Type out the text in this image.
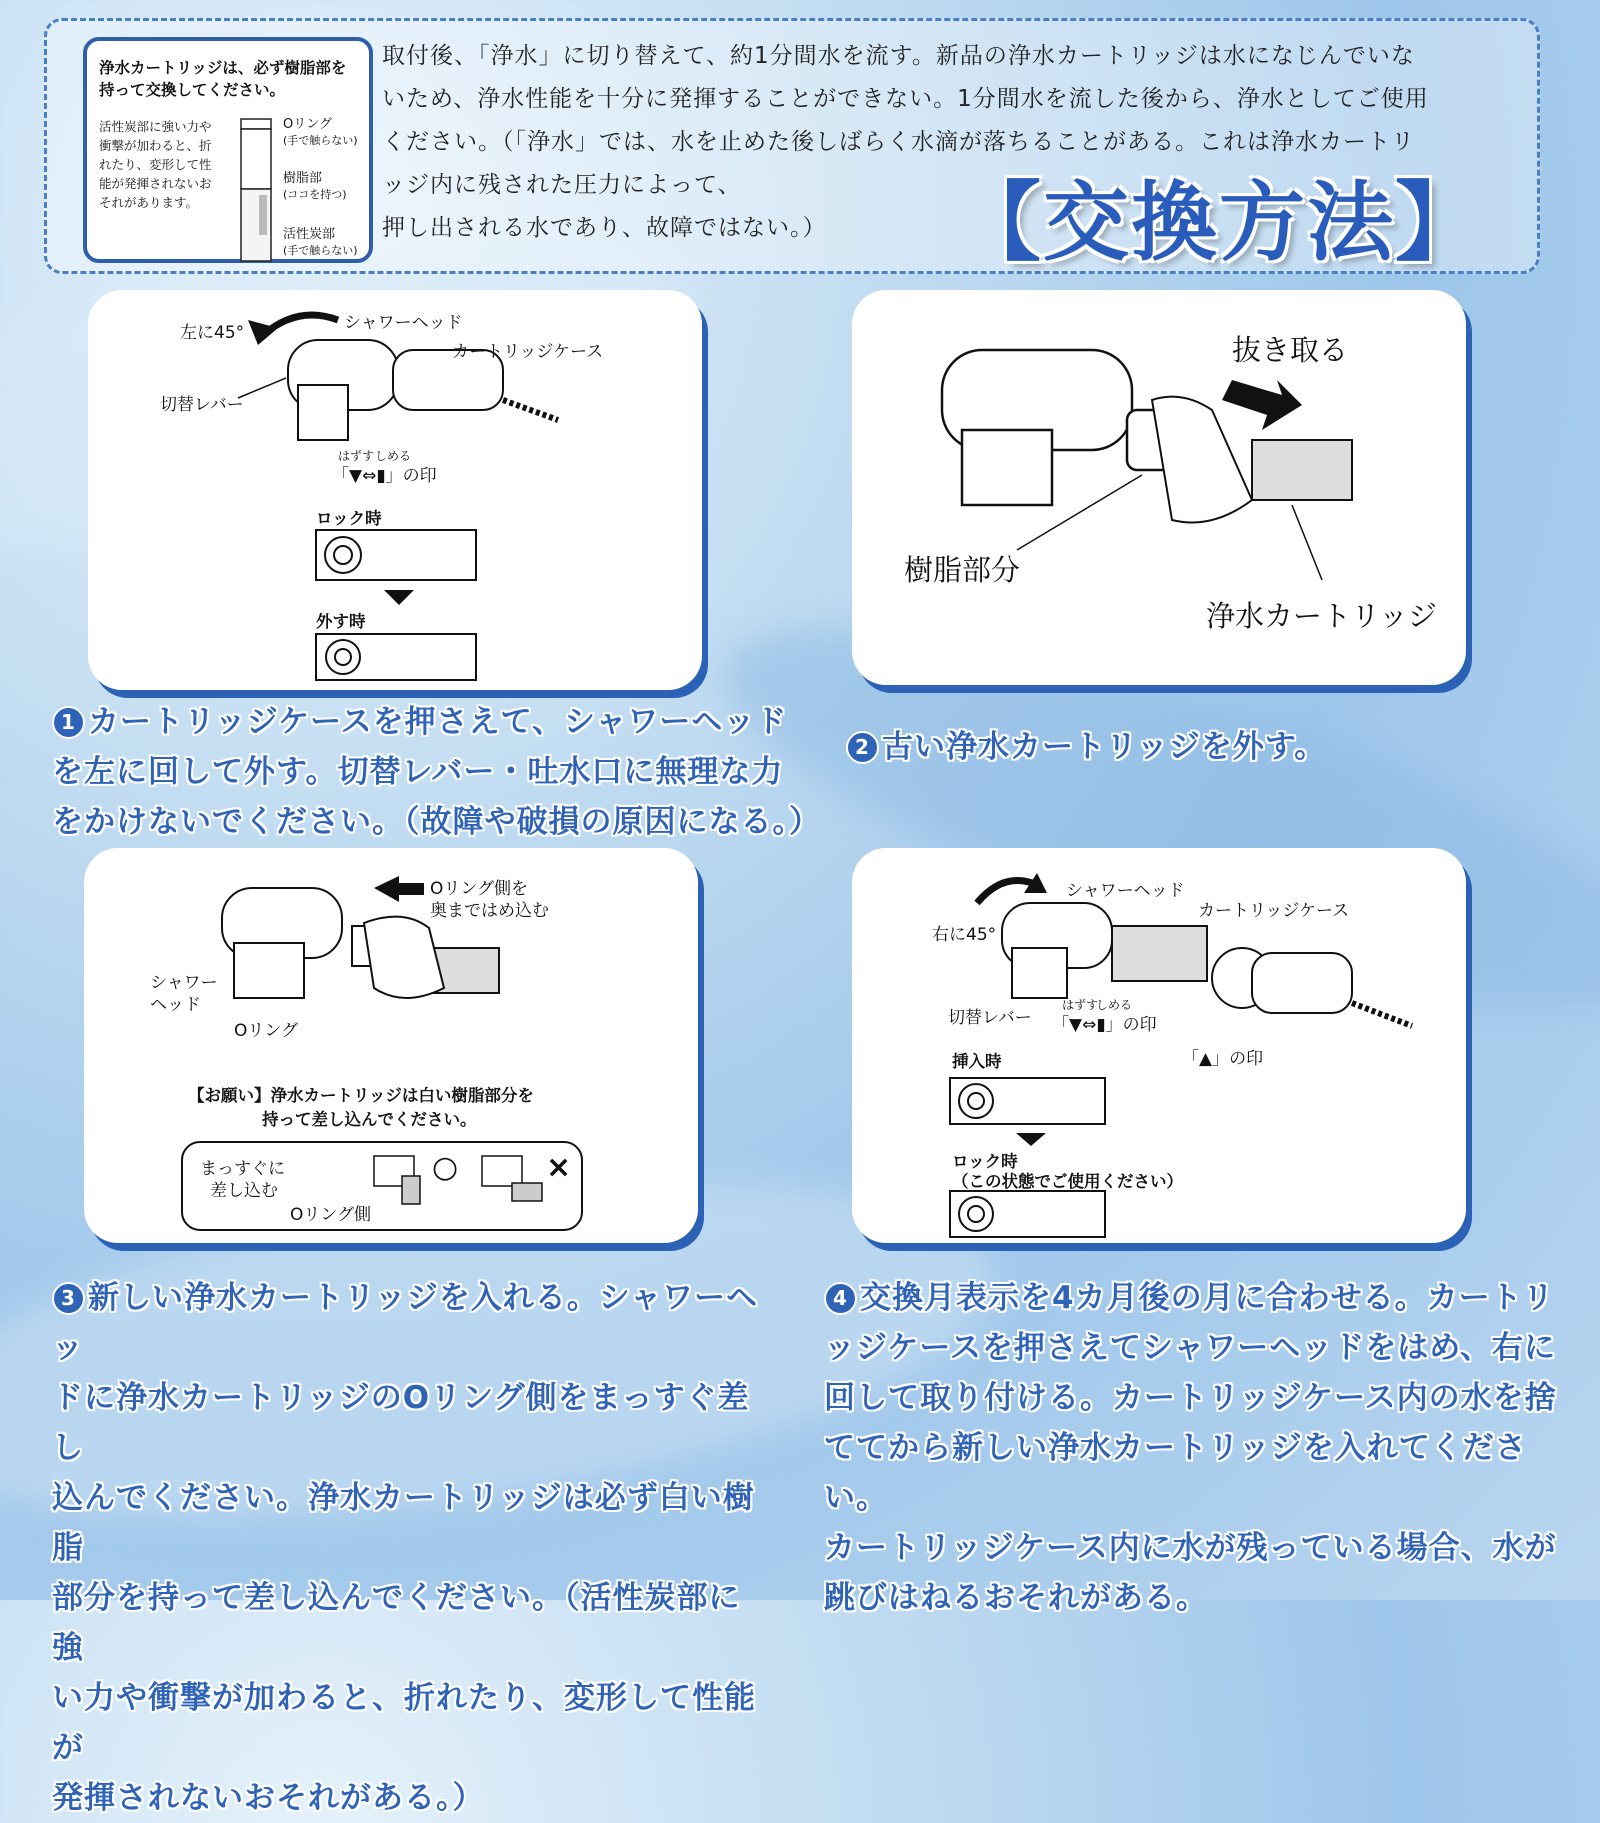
浄水カートリッジは、必ず樹脂部を持って交換してください。
活性炭部に強い力や衝撃が加わると、折れたり、変形して性能が発揮されないおそれがあります。
Oリング
(手で触らない)
樹脂部
(ココを持つ)
活性炭部
(手で触らない)

取付後、「浄水」に切り替えて、約1分間水を流す。新品の浄水カートリッジは水になじんでいな

いため、浄水性能を十分に発揮することができない。1分間水を流した後から、浄水としてご使用

ください。（「浄水」では、水を止めた後しばらく水滴が落ちることがある。これは浄水カートリ

ッジ内に残された圧力によって、

押し出される水であり、故障ではない。）	【交換方法】
左に45°	シャワーヘッド
カートリッジケース
切替レバー
はずす しめる
「▼⇔▮」の印
ロック時
外す時
抜き取る
樹脂部分
浄水カートリッジ
1 カートリッジケースを押さえて、シャワーヘッド
を左に回して外す。切替レバー・吐水口に無理な力
をかけないでください。（故障や破損の原因になる。）
2 古い浄水カートリッジを外す。
Oリング側を
奥まではめ込む
シャワー
ヘッド
Oリング
【お願い】浄水カートリッジは白い樹脂部分を
持って差し込んでください。
まっすぐに
差し込む
Oリング側
○	×
右に45°
シャワーヘッド
カートリッジケース
切替レバー
はずす
しめる
「▼⇔▮」の印
「▲」の印
挿入時
ロック時
（この状態でご使用ください）
3 新しい浄水カートリッジを入れる。シャワーヘッ
ドに浄水カートリッジのOリング側をまっすぐ差し
込んでください。浄水カートリッジは必ず白い樹脂
部分を持って差し込んでください。（活性炭部に強
い力や衝撃が加わると、折れたり、変形して性能が
発揮されないおそれがある。）
4 交換月表示を4カ月後の月に合わせる。カートリ
ッジケースを押さえてシャワーヘッドをはめ、右に
回して取り付ける。カートリッジケース内の水を捨
ててから新しい浄水カートリッジを入れてください。
カートリッジケース内に水が残っている場合、水が
跳びはねるおそれがある。
